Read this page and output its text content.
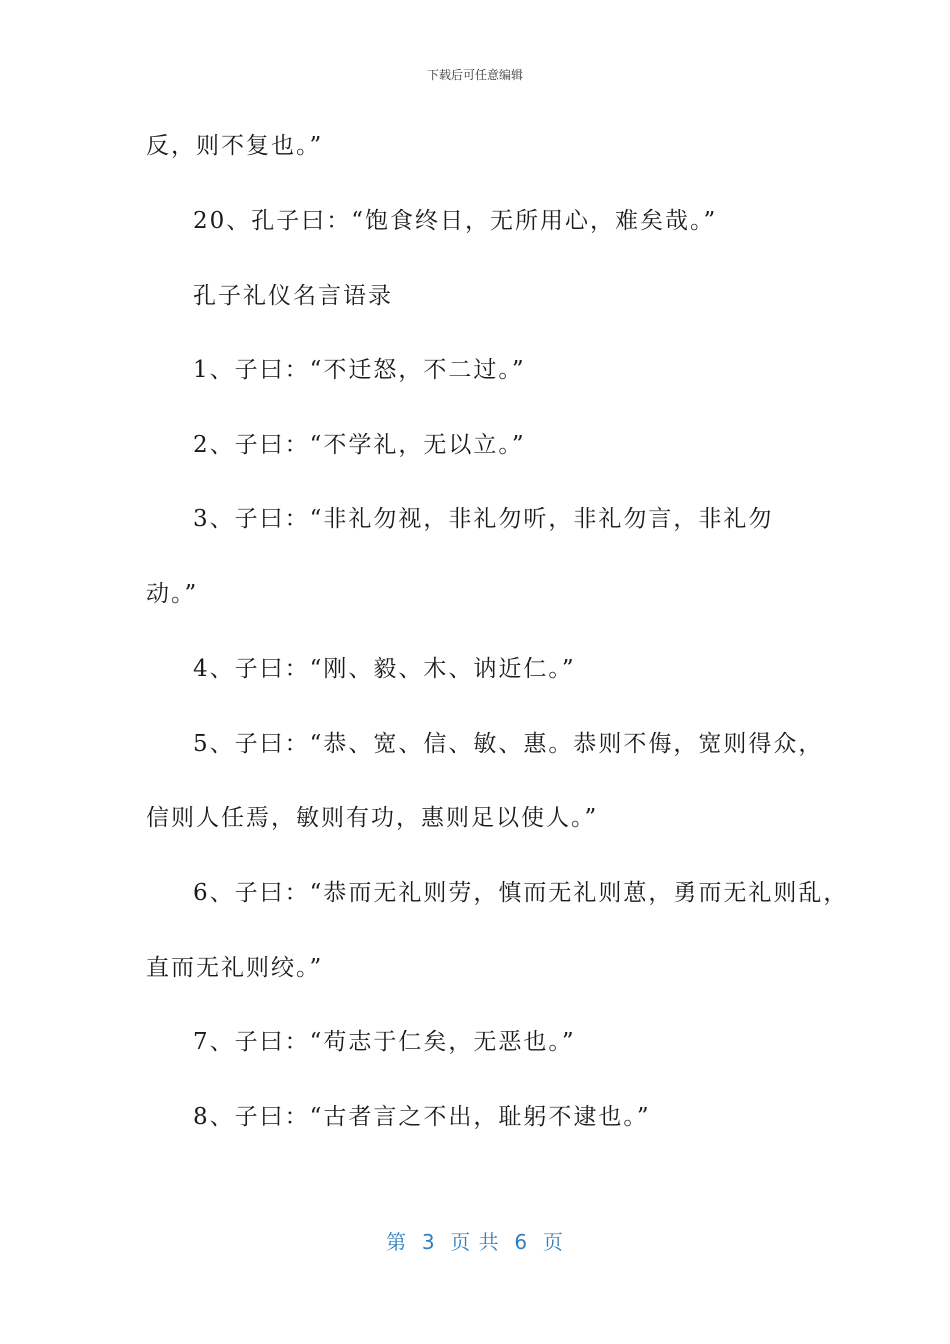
下载后可任意编辑
反，则不复也。”
20、孔子曰：“饱食终日，无所用心，难矣哉。”
孔子礼仪名言语录
1、子曰：“不迁怒，不二过。”
2、子曰：“不学礼，无以立。”
3、子曰：“非礼勿视，非礼勿听，非礼勿言，非礼勿
动。”
4、子曰：“刚、毅、木、讷近仁。”
5、子曰：“恭、宽、信、敏、惠。恭则不侮，宽则得众，
信则人任焉，敏则有功，惠则足以使人。”
6、子曰：“恭而无礼则劳，慎而无礼则葸，勇而无礼则乱，
直而无礼则绞。”
7、子曰：“苟志于仁矣，无恶也。”
8、子曰：“古者言之不出，耻躬不逮也。”
第  3  页 共  6  页
